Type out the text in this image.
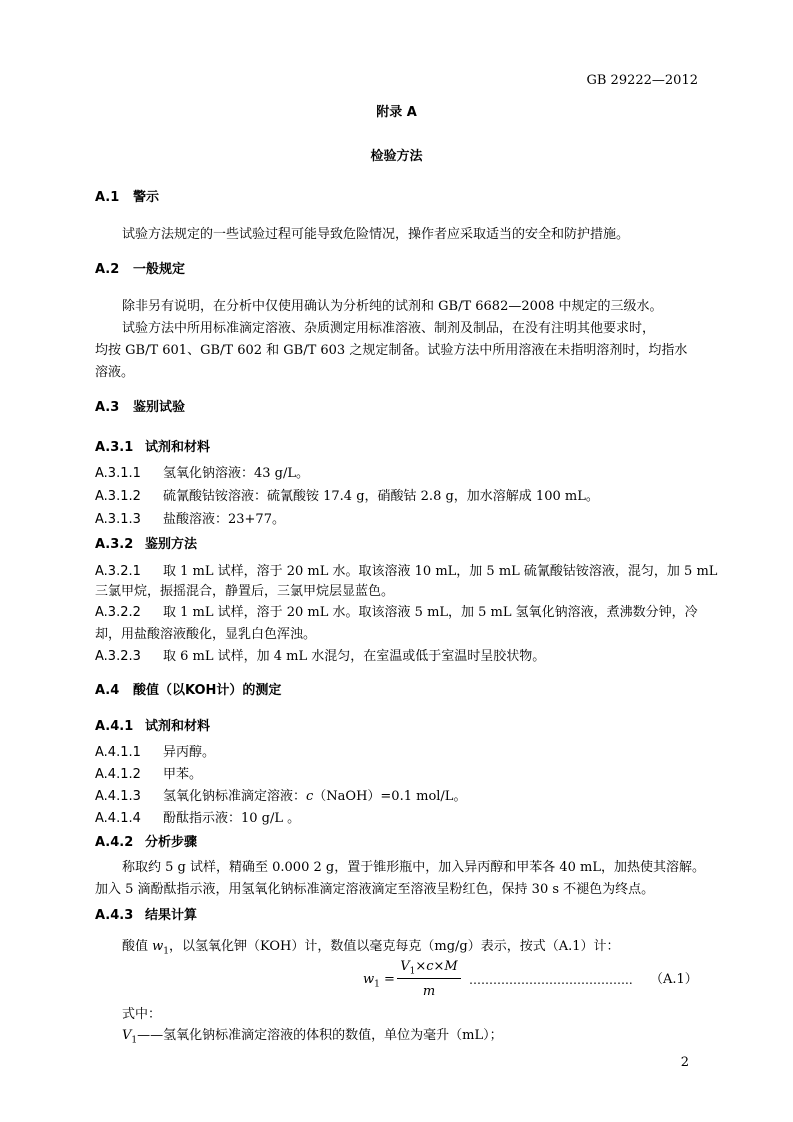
GB 29222—2012
附录 A
检验方法
A.1 警示
试验方法规定的一些试验过程可能导致危险情况，操作者应采取适当的安全和防护措施。
A.2 一般规定
除非另有说明，在分析中仅使用确认为分析纯的试剂和 GB/T 6682—2008 中规定的三级水。
试验方法中所用标准滴定溶液、杂质测定用标准溶液、制剂及制品，在没有注明其他要求时，
均按 GB/T 601、GB/T 602 和 GB/T 603 之规定制备。试验方法中所用溶液在未指明溶剂时，均指水
溶液。
A.3 鉴别试验
A.3.1 试剂和材料
A.3.1.1 氢氧化钠溶液：43 g/L。
A.3.1.2 硫氰酸钴铵溶液：硫氰酸铵 17.4 g，硝酸钴 2.8 g，加水溶解成 100 mL。
A.3.1.3 盐酸溶液：23+77。
A.3.2 鉴别方法
A.3.2.1 取 1 mL 试样，溶于 20 mL 水。取该溶液 10 mL，加 5 mL 硫氰酸钴铵溶液，混匀，加 5 mL
三氯甲烷，振摇混合，静置后，三氯甲烷层显蓝色。
A.3.2.2 取 1 mL 试样，溶于 20 mL 水。取该溶液 5 mL，加 5 mL 氢氧化钠溶液，煮沸数分钟，冷
却，用盐酸溶液酸化，显乳白色浑浊。
A.3.2.3 取 6 mL 试样，加 4 mL 水混匀，在室温或低于室温时呈胶状物。
A.4 酸值（以KOH计）的测定
A.4.1 试剂和材料
A.4.1.1 异丙醇。
A.4.1.2 甲苯。
A.4.1.3 氢氧化钠标准滴定溶液：c（NaOH）=0.1 mol/L。
A.4.1.4 酚酞指示液：10 g/L 。
A.4.2 分析步骤
称取约 5 g 试样，精确至 0.000 2 g，置于锥形瓶中，加入异丙醇和甲苯各 40 mL，加热使其溶解。
加入 5 滴酚酞指示液，用氢氧化钠标准滴定溶液滴定至溶液呈粉红色，保持 30 s 不褪色为终点。
A.4.3 结果计算
酸值 $w_1$，以氢氧化钾（KOH）计，数值以毫克每克（mg/g）表示，按式（A.1）计：
$w_1$ =
$V_1\times c\times M$
m
………………………………….. （A.1）
式中：
$V_1——$氢氧化钠标准滴定溶液的体积的数值，单位为毫升（mL）；
2
